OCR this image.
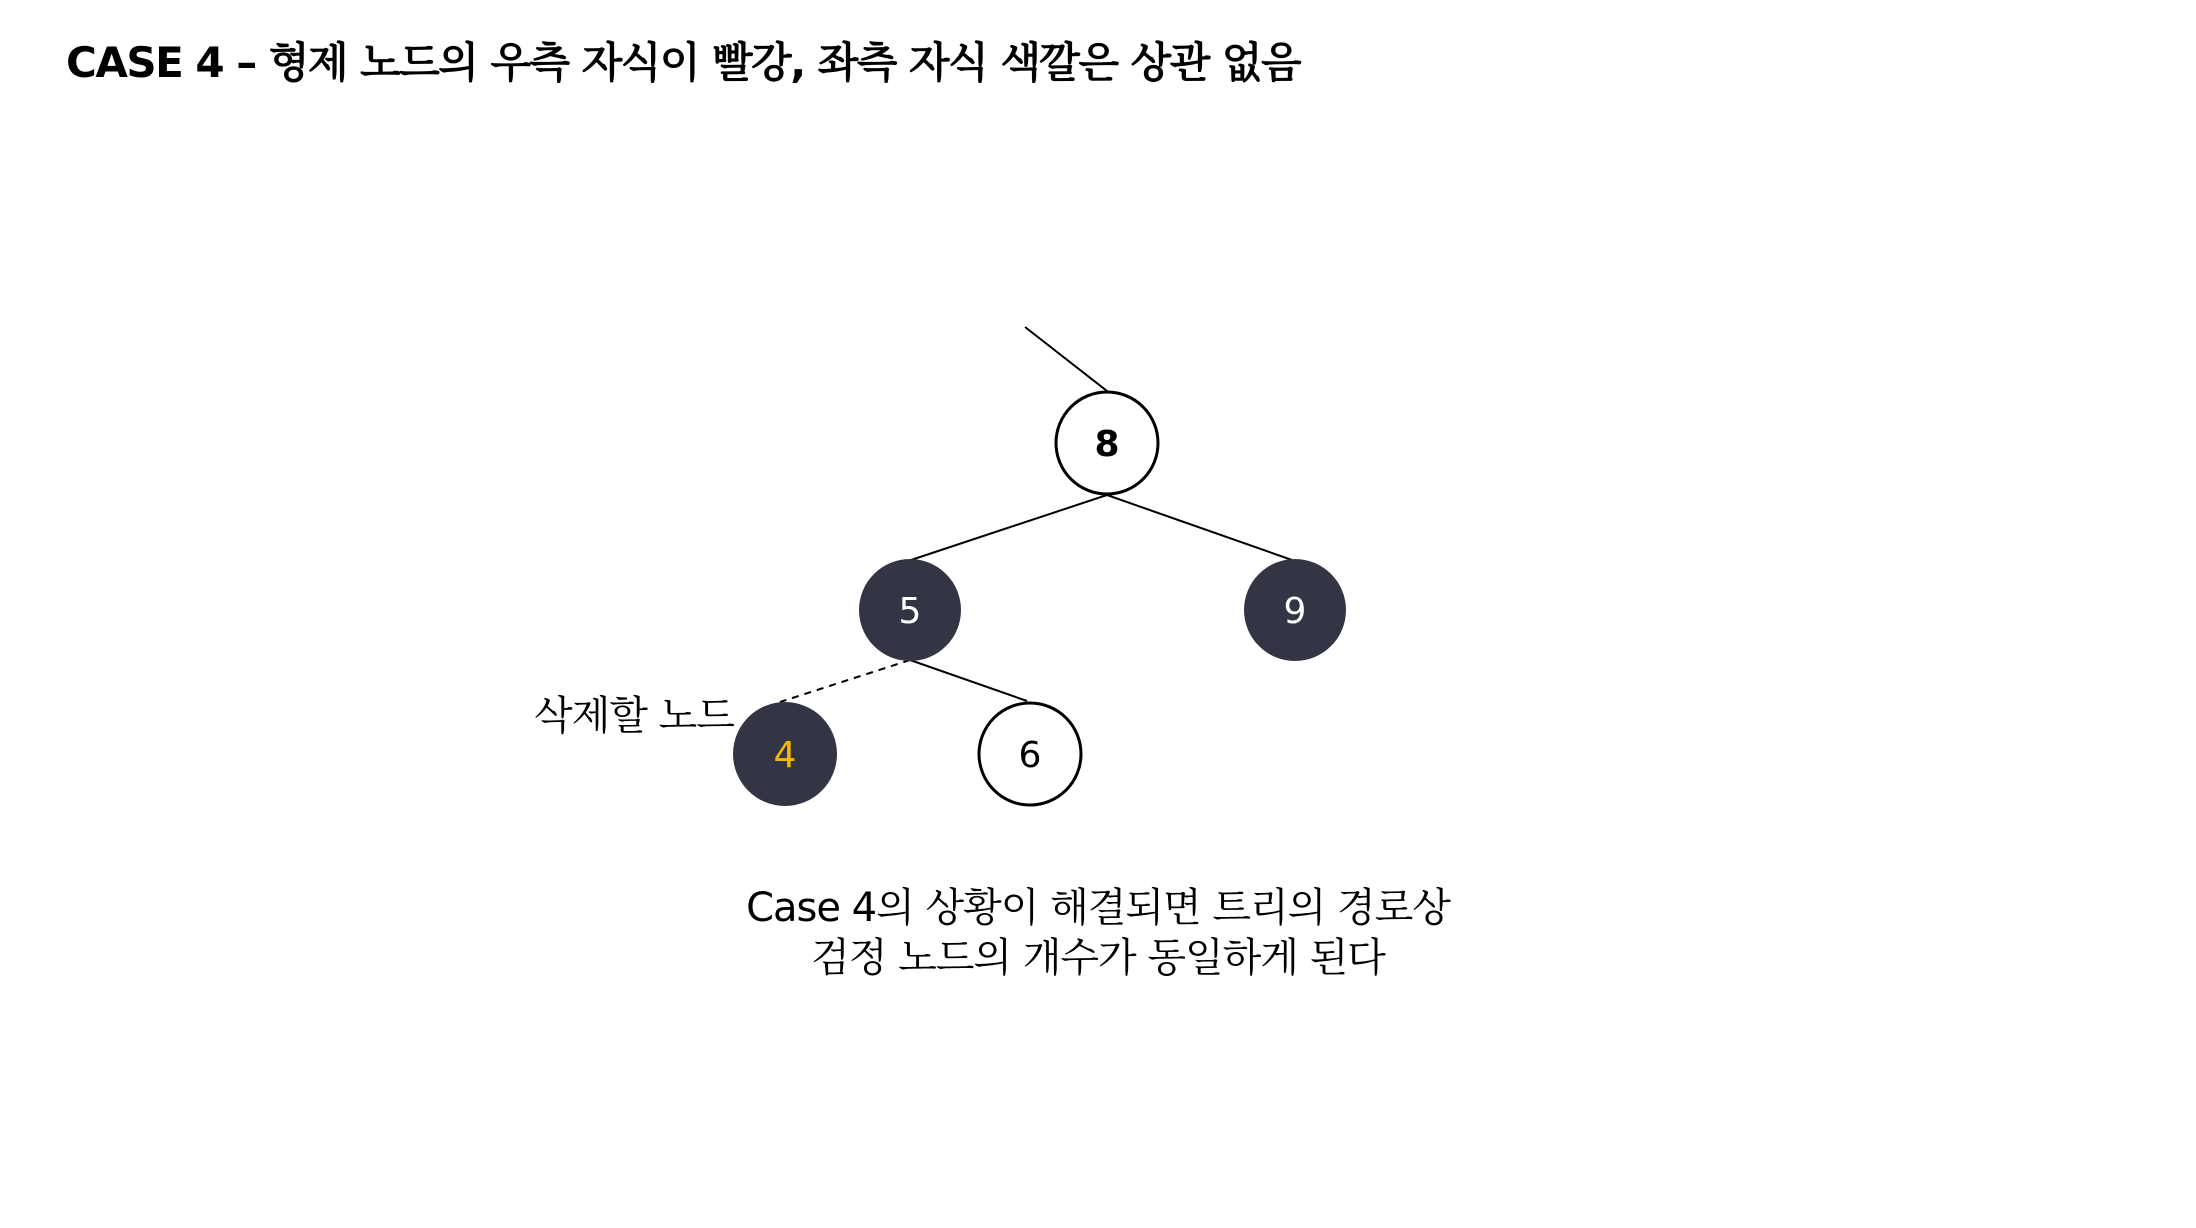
CASE 4 – 형제 노드의 우측 자식이 빨강, 좌측 자식 색깔은 상관 없음
8
5	9
4	6
삭제할 노드
Case 4의 상황이 해결되면 트리의 경로상
검정 노드의 개수가 동일하게 된다
